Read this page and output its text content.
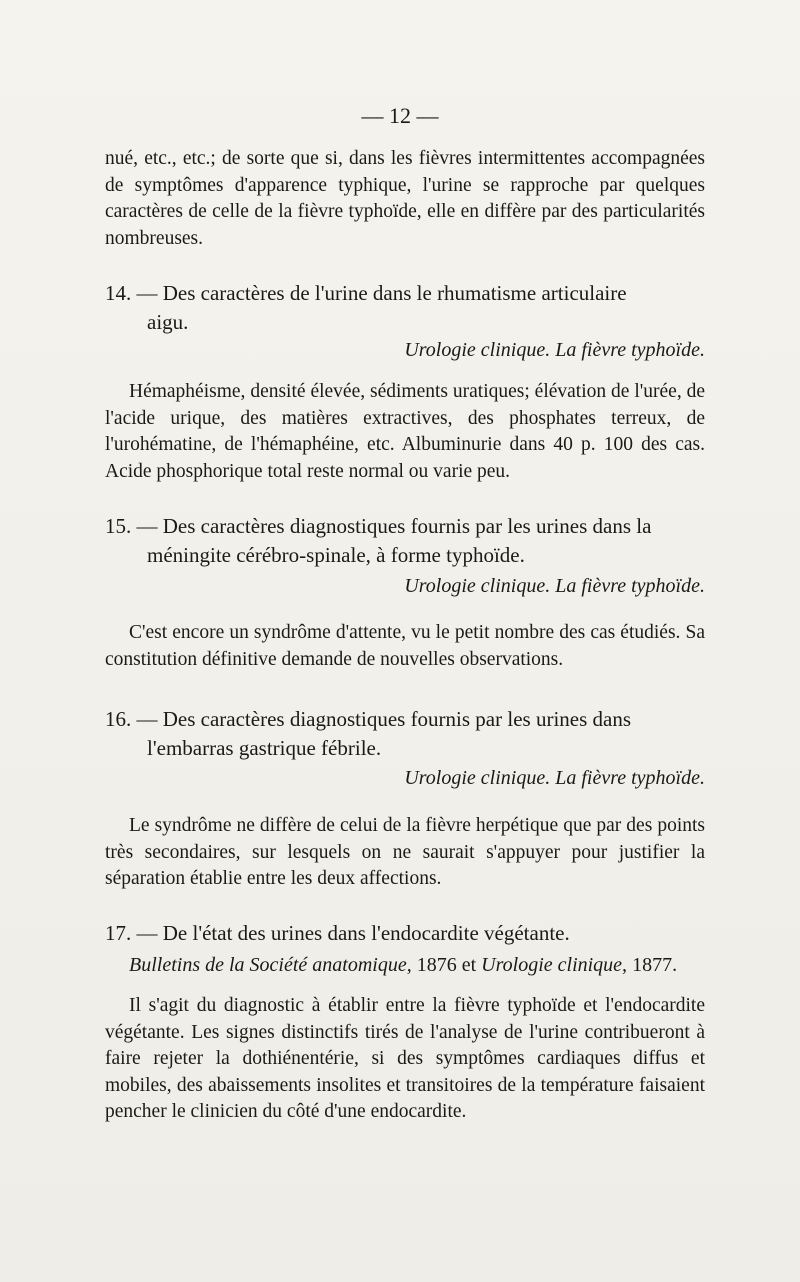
— 12 —
nué, etc., etc.; de sorte que si, dans les fièvres intermittentes accompagnées de symptômes d'apparence typhique, l'urine se rapproche par quelques caractères de celle de la fièvre typhoïde, elle en diffère par des particularités nombreuses.
14. — Des caractères de l'urine dans le rhumatisme articulaire
aigu.
Urologie clinique. La fièvre typhoïde.
Hémaphéisme, densité élevée, sédiments uratiques; élévation de l'urée, de l'acide urique, des matières extractives, des phosphates terreux, de l'urohématine, de l'hémaphéine, etc. Albuminurie dans 40 p. 100 des cas. Acide phosphorique total reste normal ou varie peu.
15. — Des caractères diagnostiques fournis par les urines dans la
méningite cérébro-spinale, à forme typhoïde.
Urologie clinique. La fièvre typhoïde.
C'est encore un syndrôme d'attente, vu le petit nombre des cas étudiés. Sa constitution définitive demande de nouvelles observations.
16. — Des caractères diagnostiques fournis par les urines dans
l'embarras gastrique fébrile.
Urologie clinique. La fièvre typhoïde.
Le syndrôme ne diffère de celui de la fièvre herpétique que par des points très secondaires, sur lesquels on ne saurait s'appuyer pour justifier la séparation établie entre les deux affections.
17. — De l'état des urines dans l'endocardite végétante.
Bulletins de la Société anatomique, 1876 et Urologie clinique, 1877.
Il s'agit du diagnostic à établir entre la fièvre typhoïde et l'endocardite végétante. Les signes distinctifs tirés de l'analyse de l'urine contribueront à faire rejeter la dothiénentérie, si des symptômes cardiaques diffus et mobiles, des abaissements insolites et transitoires de la température faisaient pencher le clinicien du côté d'une endocardite.
